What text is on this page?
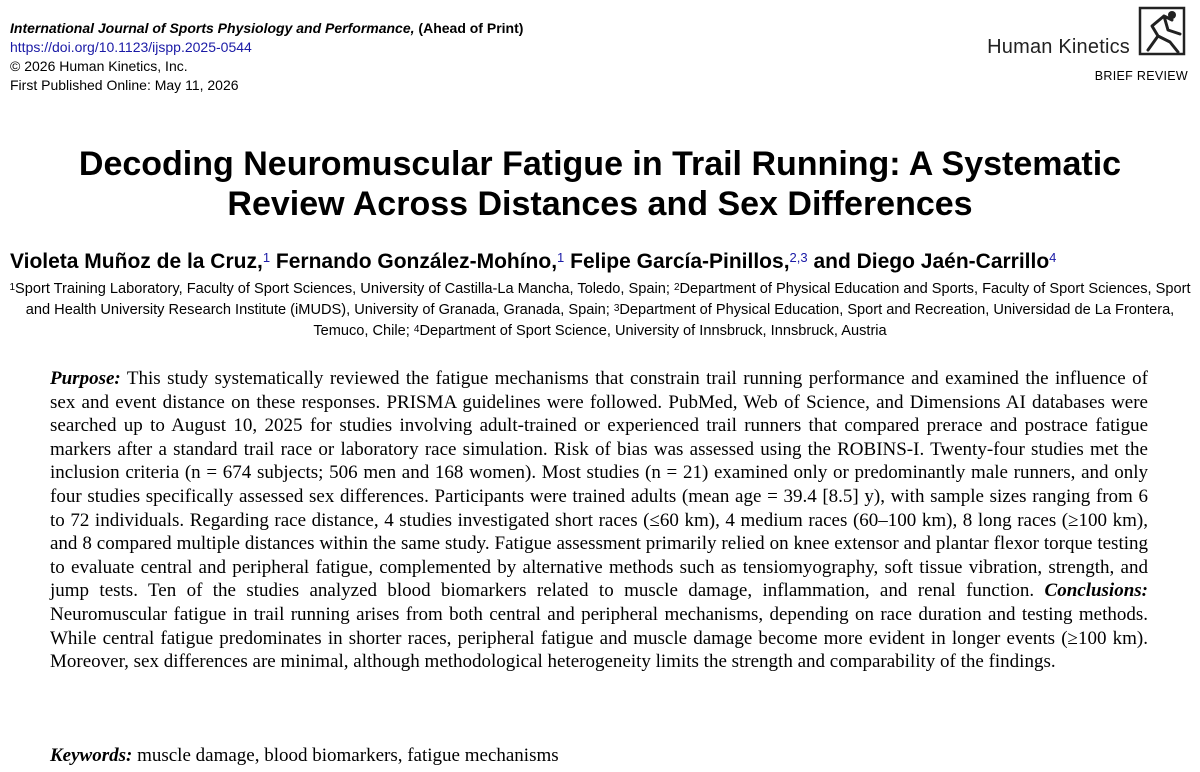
International Journal of Sports Physiology and Performance, (Ahead of Print)
https://doi.org/10.1123/ijspp.2025-0544
© 2026 Human Kinetics, Inc.
First Published Online: May 11, 2026
Human Kinetics
BRIEF REVIEW
Decoding Neuromuscular Fatigue in Trail Running: A Systematic
Review Across Distances and Sex Differences
Violeta Muñoz de la Cruz,$^1$ Fernando González-Mohíno,$^1$ Felipe García-Pinillos,$^{2,3}$ and Diego Jaén-Carrillo$^4$
$^1$Sport Training Laboratory, Faculty of Sport Sciences, University of Castilla-La Mancha, Toledo, Spain; $^2$Department of Physical Education and Sports, Faculty of Sport Sciences, Sport and Health University Research Institute (iMUDS), University of Granada, Granada, Spain; $^3$Department of Physical Education, Sport and Recreation, Universidad de La Frontera, Temuco, Chile; $^4$Department of Sport Science, University of Innsbruck, Innsbruck, Austria

Purpose: This study systematically reviewed the fatigue mechanisms that constrain trail running performance and examined the influence of sex and event distance on these responses. PRISMA guidelines were followed. PubMed, Web of Science, and Dimensions AI databases were searched up to August 10, 2025 for studies involving adult-trained or experienced trail runners that compared prerace and postrace fatigue markers after a standard trail race or laboratory race simulation. Risk of bias was assessed using the ROBINS-I. Twenty-four studies met the inclusion criteria (n = 674 subjects; 506 men and 168 women). Most studies (n = 21) examined only or predominantly male runners, and only four studies specifically assessed sex differences. Participants were trained adults (mean age = 39.4 [8.5] y), with sample sizes ranging from 6 to 72 individuals. Regarding race distance, 4 studies investigated short races (≤60 km), 4 medium races (60–100 km), 8 long races (≥100 km), and 8 compared multiple distances within the same study. Fatigue assessment primarily relied on knee extensor and plantar flexor torque testing to evaluate central and peripheral fatigue, complemented by alternative methods such as tensiomyography, soft tissue vibration, strength, and jump tests. Ten of the studies analyzed blood biomarkers related to muscle damage, inflammation, and renal function. Conclusions: Neuromuscular fatigue in trail running arises from both central and peripheral mechanisms, depending on race duration and testing methods. While central fatigue predominates in shorter races, peripheral fatigue and muscle damage become more evident in longer events (≥100 km). Moreover, sex differences are minimal, although methodological heterogeneity limits the strength and comparability of the findings.

Keywords: muscle damage, blood biomarkers, fatigue mechanisms
